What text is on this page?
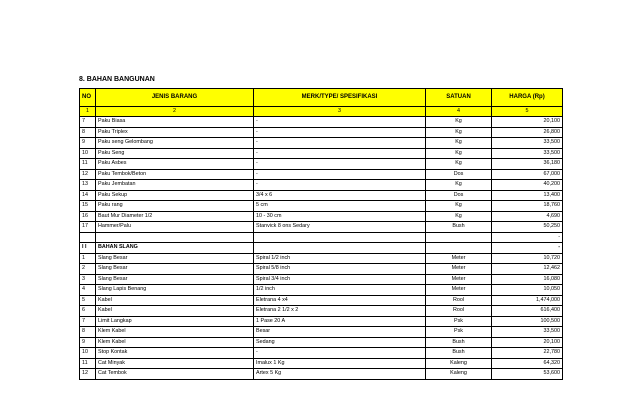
8. BAHAN BANGUNAN
NO	JENIS BARANG	MERK/TYPE/ SPESIFIKASI	SATUAN	HARGA (Rp)
1	2	3	4	5
7	Paku Biasa	-	Kg	20,100
8	Paku Triplex	-	Kg	26,800
9	Paku seng Gelombang	-	Kg	33,500
10	Paku Seng	-	Kg	33,500
11	Paku Asbes	-	Kg	36,180
12	Paku Tembok/Beton	-	Dos	67,000
13	Paku Jembatan	-	Kg	40,200
14	Paku Sekup	3/4 x 6	Dos	13,400
15	Paku rang	5 cm	Kg	18,760
16	Baut Mur Diameter 1/2	10 - 30 cm	Kg	4,690
17	Hammer/Palu	Stanvick 8 ons Sedary	Bush	50,250
				-
I I	BAHAN SLANG			-
1	Slang Besar	Spiral 1/2 inch	Meter	10,720
2	Slang Besar	Spiral 5/8 inch	Meter	12,462
3	Slang Besar	Spiral 3/4 inch	Meter	16,080
4	Slang Lapis Benang	1/2 inch	Meter	10,050
5	Kabel	Eletrana 4 x4	Rool	1,474,000
6	Kabel	Eletrana 2 1/2 x 2	Rool	616,400
7	Limit Langkap	1 Pase 20 A	Psk	100,500
8	Klem Kabel	Besar	Psk	33,500
9	Klem Kabel	Sedang	Bush	20,100
10	Stop Kontak	-	Bush	22,780
11	Cat Minyak	Imalux 1 Kg	Kaleng	64,320
12	Cat Tembok	Artex 5 Kg	Kaleng	53,600
